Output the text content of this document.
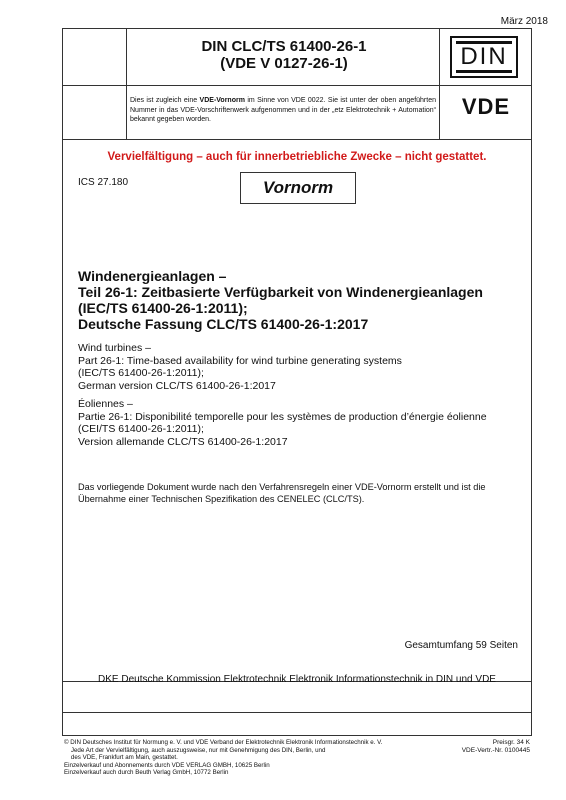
März 2018
DIN CLC/TS 61400-26-1
(VDE V 0127-26-1)	DIN
Dies ist zugleich eine VDE-Vornorm im Sinne von VDE 0022. Sie ist unter der oben angeführten Nummer in das VDE-Vorschriftenwerk aufgenommen und in der „etz Elektrotechnik + Automation“ bekannt gegeben worden.
VDE
Vervielfältigung – auch für innerbetriebliche Zwecke – nicht gestattet.
ICS 27.180	Vornorm
Windenergieanlagen –
Teil 26-1: Zeitbasierte Verfügbarkeit von Windenergieanlagen
(IEC/TS 61400-26-1:2011);
Deutsche Fassung CLC/TS 61400-26-1:2017
Wind turbines –
Part 26-1: Time-based availability for wind turbine generating systems
(IEC/TS 61400-26-1:2011);
German version CLC/TS 61400-26-1:2017
Éoliennes –
Partie 26-1: Disponibilité temporelle pour les systèmes de production d’énergie éolienne
(CEI/TS 61400-26-1:2011);
Version allemande CLC/TS 61400-26-1:2017
Das vorliegende Dokument wurde nach den Verfahrensregeln einer VDE-Vornorm erstellt und ist die Übernahme einer Technischen Spezifikation des CENELEC (CLC/TS).
Gesamtumfang 59 Seiten
DKE Deutsche Kommission Elektrotechnik Elektronik Informationstechnik in DIN und VDE
© DIN Deutsches Institut für Normung e. V. und VDE Verband der Elektrotechnik Elektronik Informationstechnik e. V.
Jede Art der Vervielfältigung, auch auszugsweise, nur mit Genehmigung des DIN, Berlin, und
des VDE, Frankfurt am Main, gestattet.
Einzelverkauf und Abonnements durch VDE VERLAG GMBH, 10625 Berlin
Einzelverkauf auch durch Beuth Verlag GmbH, 10772 Berlin
Preisgr. 34 K
VDE-Vertr.-Nr. 0100445
